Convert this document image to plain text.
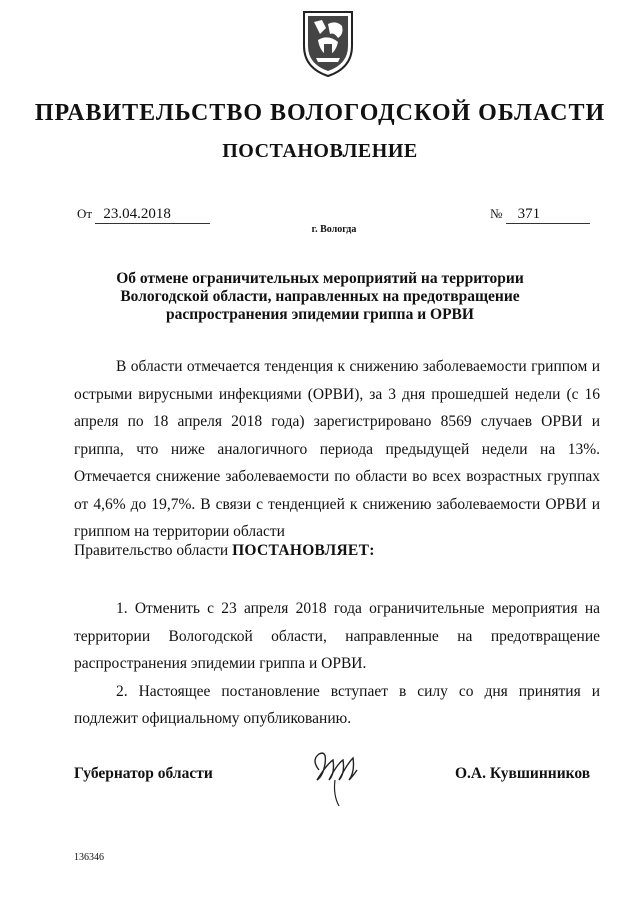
ПРАВИТЕЛЬСТВО ВОЛОГОДСКОЙ ОБЛАСТИ
ПОСТАНОВЛЕНИЕ
От 23.04.2018	№ 371
г. Вологда
Об отмене ограничительных мероприятий на территории
Вологодской области, направленных на предотвращение
распространения эпидемии гриппа и ОРВИ

В области отмечается тенденция к снижению заболеваемости гриппом и острыми вирусными инфекциями (ОРВИ), за 3 дня прошедшей недели (с 16 апреля по 18 апреля 2018 года) зарегистрировано 8569 случаев ОРВИ и гриппа, что ниже аналогичного периода предыдущей недели на 13%. Отмечается снижение заболеваемости по области во всех возрастных группах от 4,6% до 19,7%. В связи с тенденцией к снижению заболеваемости ОРВИ и гриппом на территории области

Правительство области ПОСТАНОВЛЯЕТ:

1. Отменить с 23 апреля 2018 года ограничительные мероприятия на территории Вологодской области, направленные на предотвращение распространения эпидемии гриппа и ОРВИ.

2. Настоящее постановление вступает в силу со дня принятия и подлежит официальному опубликованию.

Губернатор области	О.А. Кувшинников
136346
